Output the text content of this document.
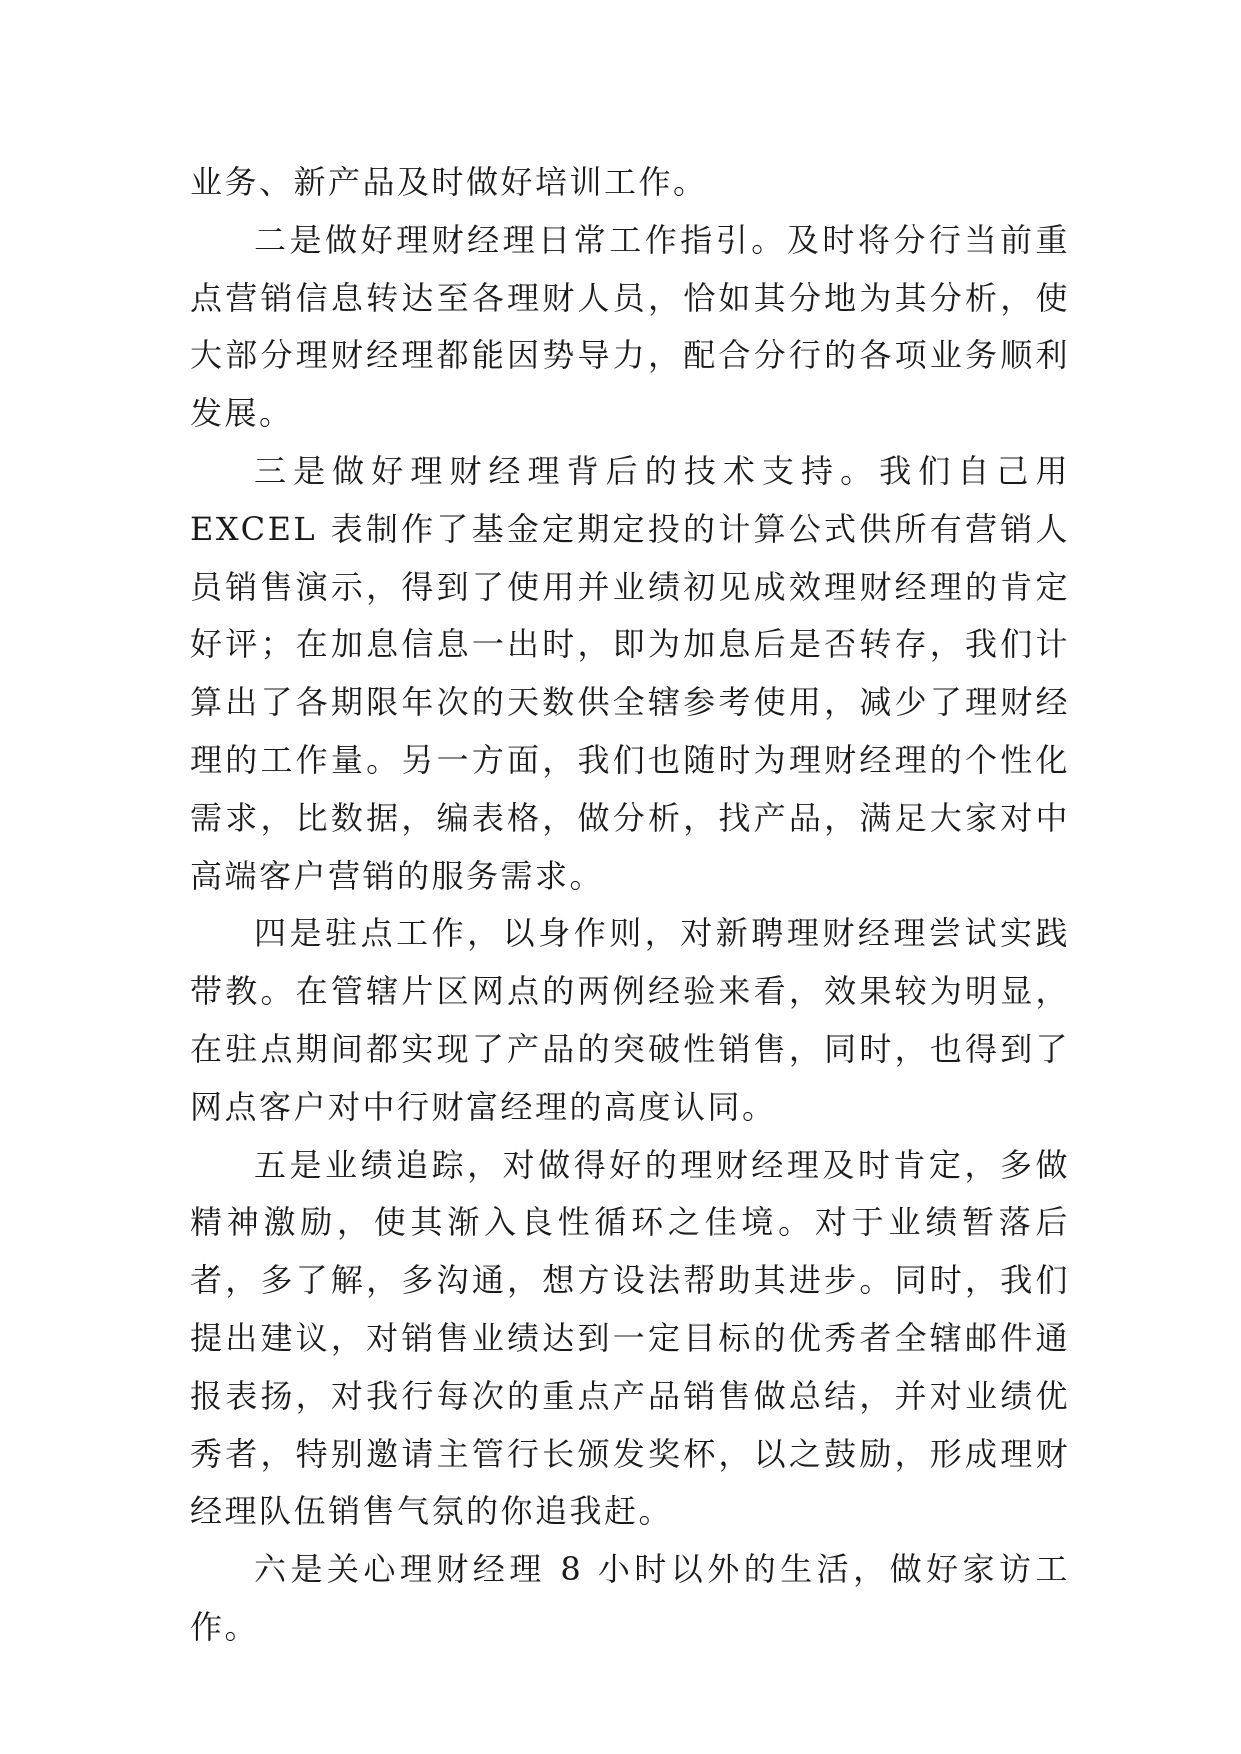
业务、新产品及时做好培训工作。

二是做好理财经理日常工作指引。及时将分行当前重点营销信息转达至各理财人员，恰如其分地为其分析，使大部分理财经理都能因势导力，配合分行的各项业务顺利发展。

三是做好理财经理背后的技术支持。我们自己用 EXCEL 表制作了基金定期定投的计算公式供所有营销人员销售演示，得到了使用并业绩初见成效理财经理的肯定好评；在加息信息一出时，即为加息后是否转存，我们计算出了各期限年次的天数供全辖参考使用，减少了理财经理的工作量。另一方面，我们也随时为理财经理的个性化需求，比数据，编表格，做分析，找产品，满足大家对中高端客户营销的服务需求。

四是驻点工作，以身作则，对新聘理财经理尝试实践带教。在管辖片区网点的两例经验来看，效果较为明显，在驻点期间都实现了产品的突破性销售，同时，也得到了网点客户对中行财富经理的高度认同。

五是业绩追踪，对做得好的理财经理及时肯定，多做精神激励，使其渐入良性循环之佳境。对于业绩暂落后者，多了解，多沟通，想方设法帮助其进步。同时，我们提出建议，对销售业绩达到一定目标的优秀者全辖邮件通报表扬，对我行每次的重点产品销售做总结，并对业绩优秀者，特别邀请主管行长颁发奖杯，以之鼓励，形成理财经理队伍销售气氛的你追我赶。

六是关心理财经理 8 小时以外的生活，做好家访工作。
